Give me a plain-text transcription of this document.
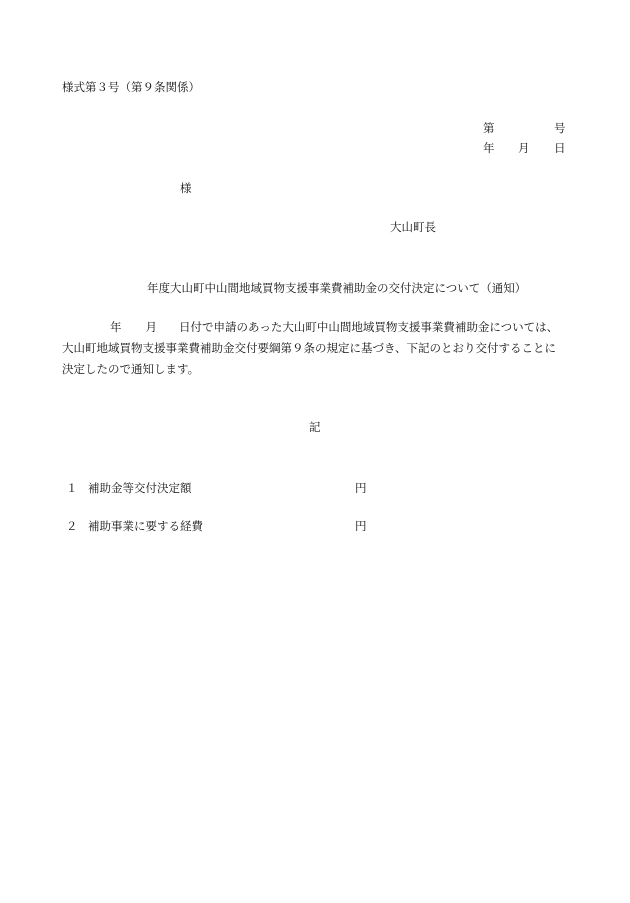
様式第３号（第９条関係）
第	号
年 月 日
様
大山町長
年度大山町中山間地域買物支援事業費補助金の交付決定について（通知）
年 月 日付で申請のあった大山町中山間地域買物支援事業費補助金については、
大山町地域買物支援事業費補助金交付要綱第９条の規定に基づき、下記のとおり交付することに
決定したので通知します。
記
１ 補助金等交付決定額	円
２ 補助事業に要する経費	円
